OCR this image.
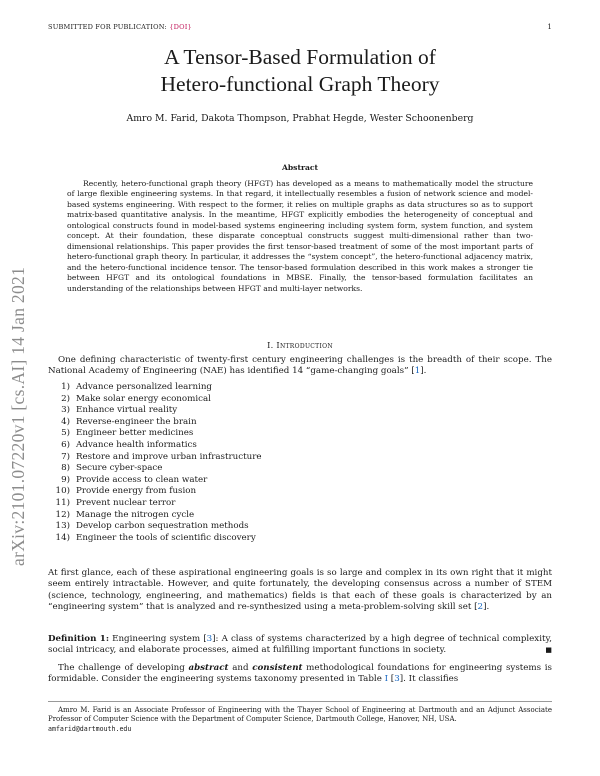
SUBMITTED FOR PUBLICATION: {DOI}	1
arXiv:2101.07220v1 [cs.AI] 14 Jan 2021
A Tensor-Based Formulation of
Hetero-functional Graph Theory
Amro M. Farid, Dakota Thompson, Prabhat Hegde, Wester Schoonenberg
Abstract
Recently, hetero-functional graph theory (HFGT) has developed as a means to mathematically model the structure of large flexible engineering systems. In that regard, it intellectually resembles a fusion of network science and model-based systems engineering. With respect to the former, it relies on multiple graphs as data structures so as to support matrix-based quantitative analysis. In the meantime, HFGT explicitly embodies the heterogeneity of conceptual and ontological constructs found in model-based systems engineering including system form, system function, and system concept. At their foundation, these disparate conceptual constructs suggest multi-dimensional rather than two-dimensional relationships. This paper provides the first tensor-based treatment of some of the most important parts of hetero-functional graph theory. In particular, it addresses the “system concept”, the hetero-functional adjacency matrix, and the hetero-functional incidence tensor. The tensor-based formulation described in this work makes a stronger tie between HFGT and its ontological foundations in MBSE. Finally, the tensor-based formulation facilitates an understanding of the relationships between HFGT and multi-layer networks.
I. Introduction
One defining characteristic of twenty-first century engineering challenges is the breadth of their scope. The National Academy of Engineering (NAE) has identified 14 “game-changing goals” [1].
1) Advance personalized learning
2) Make solar energy economical
3) Enhance virtual reality
4) Reverse-engineer the brain
5) Engineer better medicines
6) Advance health informatics
7) Restore and improve urban infrastructure
8) Secure cyber-space
9) Provide access to clean water
10) Provide energy from fusion
11) Prevent nuclear terror
12) Manage the nitrogen cycle
13) Develop carbon sequestration methods
14) Engineer the tools of scientific discovery
At first glance, each of these aspirational engineering goals is so large and complex in its own right that it might seem entirely intractable. However, and quite fortunately, the developing consensus across a number of STEM (science, technology, engineering, and mathematics) fields is that each of these goals is characterized by an “engineering system” that is analyzed and re-synthesized using a meta-problem-solving skill set [2].
Definition 1: Engineering system [3]: A class of systems characterized by a high degree of technical complexity, social intricacy, and elaborate processes, aimed at fulfilling important functions in society.	■
The challenge of developing abstract and consistent methodological foundations for engineering systems is formidable. Consider the engineering systems taxonomy presented in Table I [3]. It classifies
Amro M. Farid is an Associate Professor of Engineering with the Thayer School of Engineering at Dartmouth and an Adjunct Associate Professor of Computer Science with the Department of Computer Science, Dartmouth College, Hanover, NH, USA.
amfarid@dartmouth.edu
